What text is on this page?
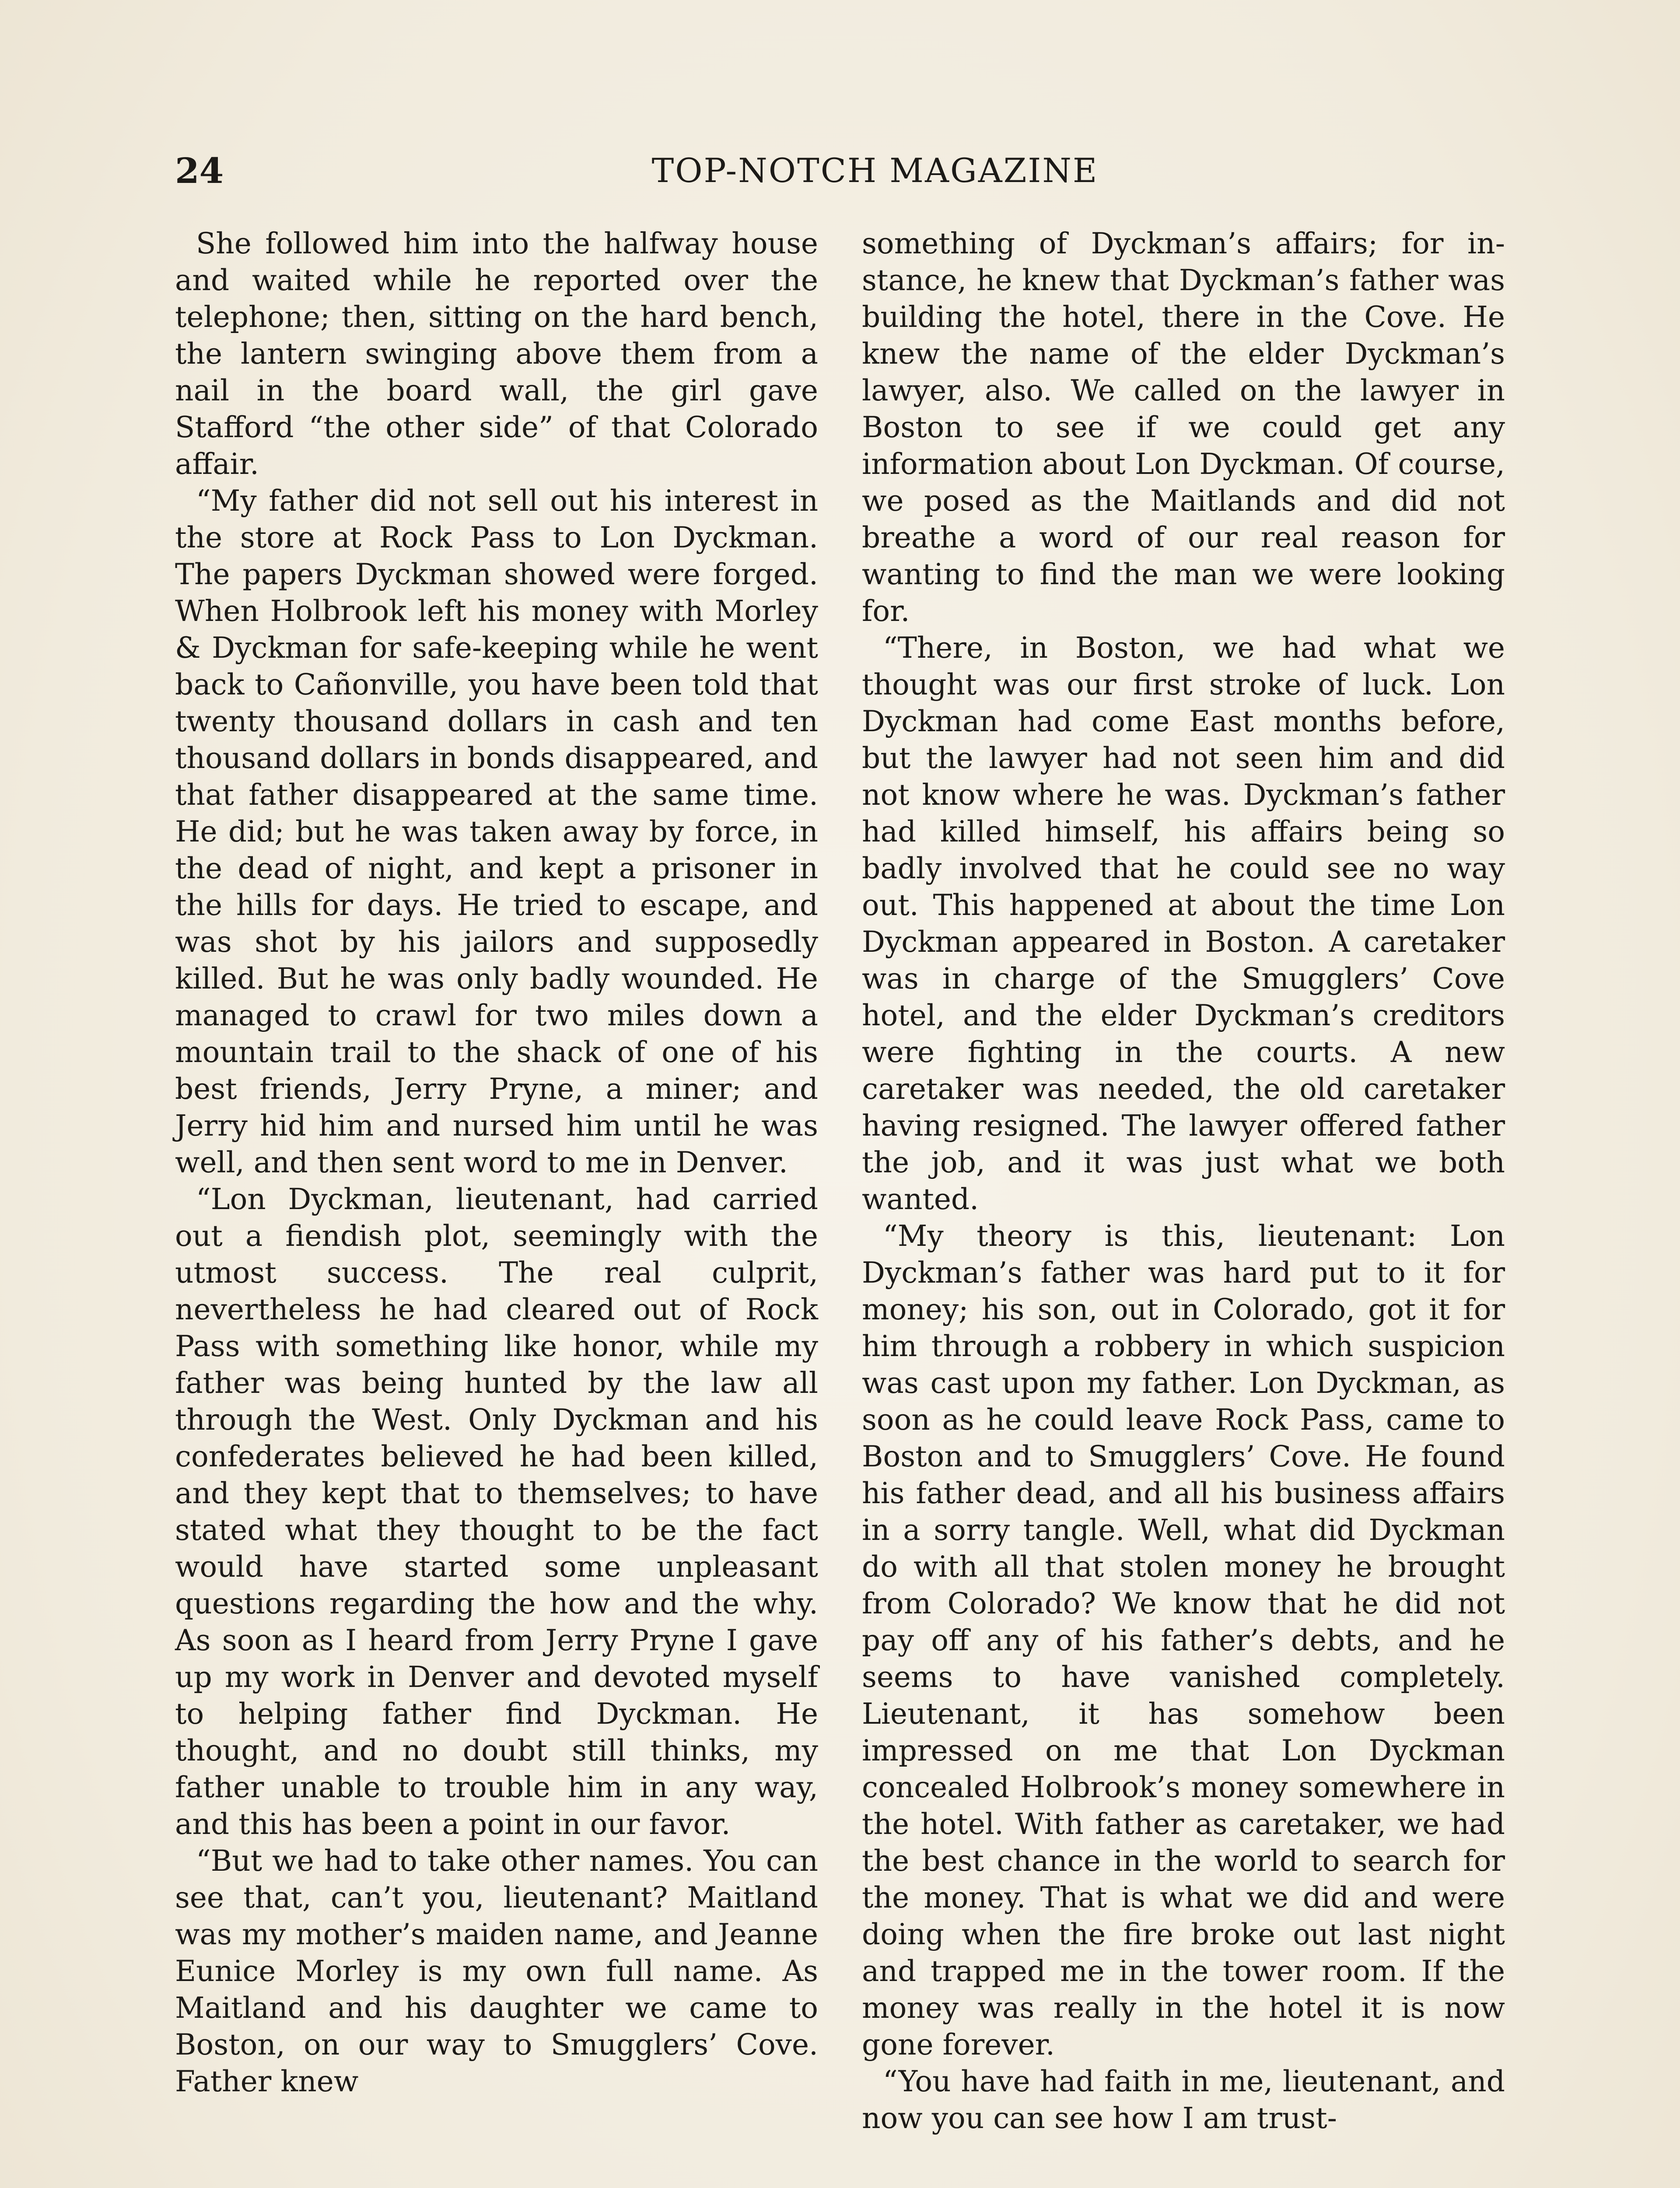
24	TOP-NOTCH MAGAZINE

She followed him into the halfway house and waited while he reported over the telephone; then, sitting on the hard bench, the lantern swinging above them from a nail in the board wall, the girl gave Stafford “the other side” of that Colorado affair.

“My father did not sell out his interest in the store at Rock Pass to Lon Dyckman. The papers Dyckman showed were forged. When Holbrook left his money with Morley & Dyckman for safe-keeping while he went back to Cañonville, you have been told that twenty thousand dollars in cash and ten thousand dollars in bonds disappeared, and that father disappeared at the same time. He did; but he was taken away by force, in the dead of night, and kept a prisoner in the hills for days. He tried to escape, and was shot by his jailors and supposedly killed. But he was only badly wounded. He managed to crawl for two miles down a mountain trail to the shack of one of his best friends, Jerry Pryne, a miner; and Jerry hid him and nursed him until he was well, and then sent word to me in Denver.

“Lon Dyckman, lieutenant, had carried out a fiendish plot, seemingly with the utmost success. The real culprit, nevertheless he had cleared out of Rock Pass with something like honor, while my father was being hunted by the law all through the West. Only Dyckman and his confederates believed he had been killed, and they kept that to themselves; to have stated what they thought to be the fact would have started some unpleasant questions regarding the how and the why. As soon as I heard from Jerry Pryne I gave up my work in Denver and devoted myself to helping father find Dyckman. He thought, and no doubt still thinks, my father unable to trouble him in any way, and this has been a point in our favor.

“But we had to take other names. You can see that, can’t you, lieutenant? Maitland was my mother’s maiden name, and Jeanne Eunice Morley is my own full name. As Maitland and his daughter we came to Boston, on our way to Smugglers’ Cove. Father knew

something of Dyckman’s affairs; for instance, he knew that Dyckman’s father was building the hotel, there in the Cove. He knew the name of the elder Dyckman’s lawyer, also. We called on the lawyer in Boston to see if we could get any information about Lon Dyckman. Of course, we posed as the Maitlands and did not breathe a word of our real reason for wanting to find the man we were looking for.

“There, in Boston, we had what we thought was our first stroke of luck. Lon Dyckman had come East months before, but the lawyer had not seen him and did not know where he was. Dyckman’s father had killed himself, his affairs being so badly involved that he could see no way out. This happened at about the time Lon Dyckman appeared in Boston. A caretaker was in charge of the Smugglers’ Cove hotel, and the elder Dyckman’s creditors were fighting in the courts. A new caretaker was needed, the old caretaker having resigned. The lawyer offered father the job, and it was just what we both wanted.

“My theory is this, lieutenant: Lon Dyckman’s father was hard put to it for money; his son, out in Colorado, got it for him through a robbery in which suspicion was cast upon my father. Lon Dyckman, as soon as he could leave Rock Pass, came to Boston and to Smugglers’ Cove. He found his father dead, and all his business affairs in a sorry tangle. Well, what did Dyckman do with all that stolen money he brought from Colorado? We know that he did not pay off any of his father’s debts, and he seems to have vanished completely. Lieutenant, it has somehow been impressed on me that Lon Dyckman concealed Holbrook’s money somewhere in the hotel. With father as caretaker, we had the best chance in the world to search for the money. That is what we did and were doing when the fire broke out last night and trapped me in the tower room. If the money was really in the hotel it is now gone forever.

“You have had faith in me, lieutenant, and now you can see how I am trust-
